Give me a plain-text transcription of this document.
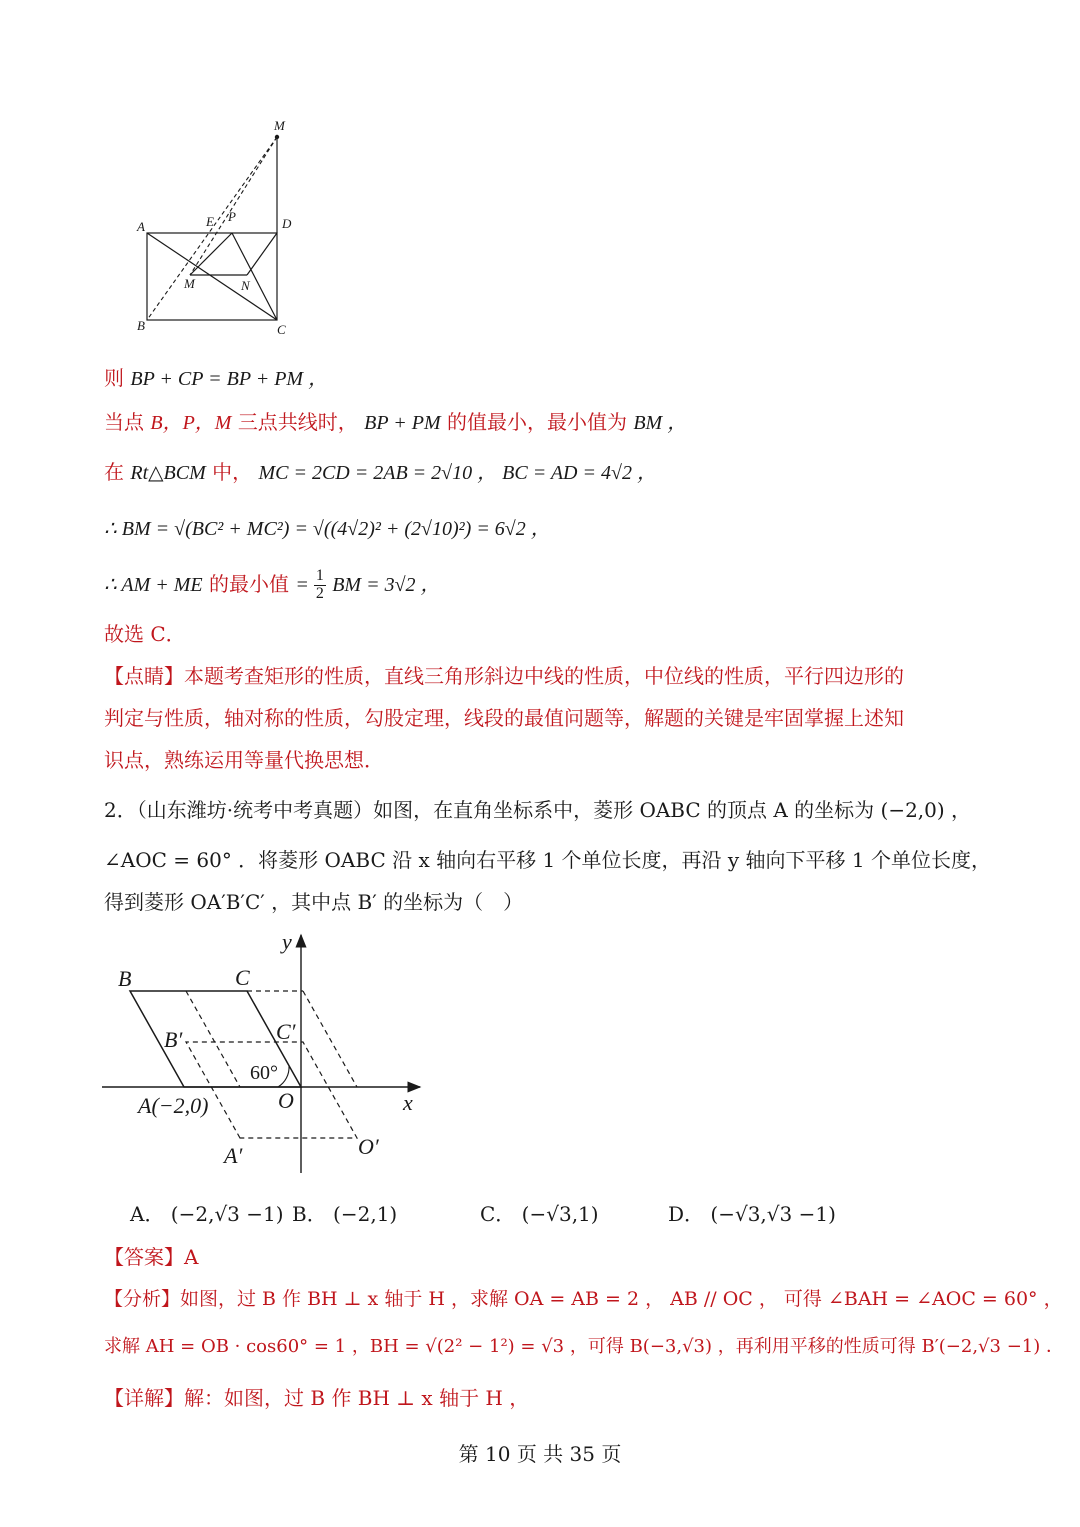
M
A	E P	D
M	N
B	C
则 BP + CP = BP + PM ，
当点 B，P，M 三点共线时， BP + PM 的值最小，最小值为 BM ，
在 Rt△BCM 中， MC = 2CD = 2AB = 2√10 ， BC = AD = 4√2 ，
∴ BM = √(BC² + MC²) = √((4√2)² + (2√10)²) = 6√2 ，
∴ AM + ME 的最小值 = $\frac{1}{2}$ BM = 3√2 ，
故选 C．
【点睛】本题考查矩形的性质，直线三角形斜边中线的性质，中位线的性质，平行四边形的
判定与性质，轴对称的性质，勾股定理，线段的最值问题等，解题的关键是牢固掌握上述知
识点，熟练运用等量代换思想．
2．（山东潍坊·统考中考真题）如图，在直角坐标系中，菱形 OABC 的顶点 A 的坐标为 (−2,0) ，
∠AOC = 60° ．将菱形 OABC 沿 x 轴向右平移 1 个单位长度，再沿 y 轴向下平移 1 个单位长度，
得到菱形 OA′B′C′ ，其中点 B′ 的坐标为（　）
y
B	C
C′
B′
60°
A(−2,0)	O	x
O′
A′
A． (−2,√3 −1) B． (−2,1)	C． (−√3,1)	D． (−√3,√3 −1)
【答案】A
【分析】如图，过 B 作 BH ⊥ x 轴于 H ，求解 OA = AB = 2 ， AB // OC ， 可得 ∠BAH = ∠AOC = 60° ，
求解 AH = OB · cos60° = 1 ，BH = √(2² − 1²) = √3 ，可得 B(−3,√3) ，再利用平移的性质可得 B′(−2,√3 −1) ．
【详解】解：如图，过 B 作 BH ⊥ x 轴于 H ，
第 10 页 共 35 页
